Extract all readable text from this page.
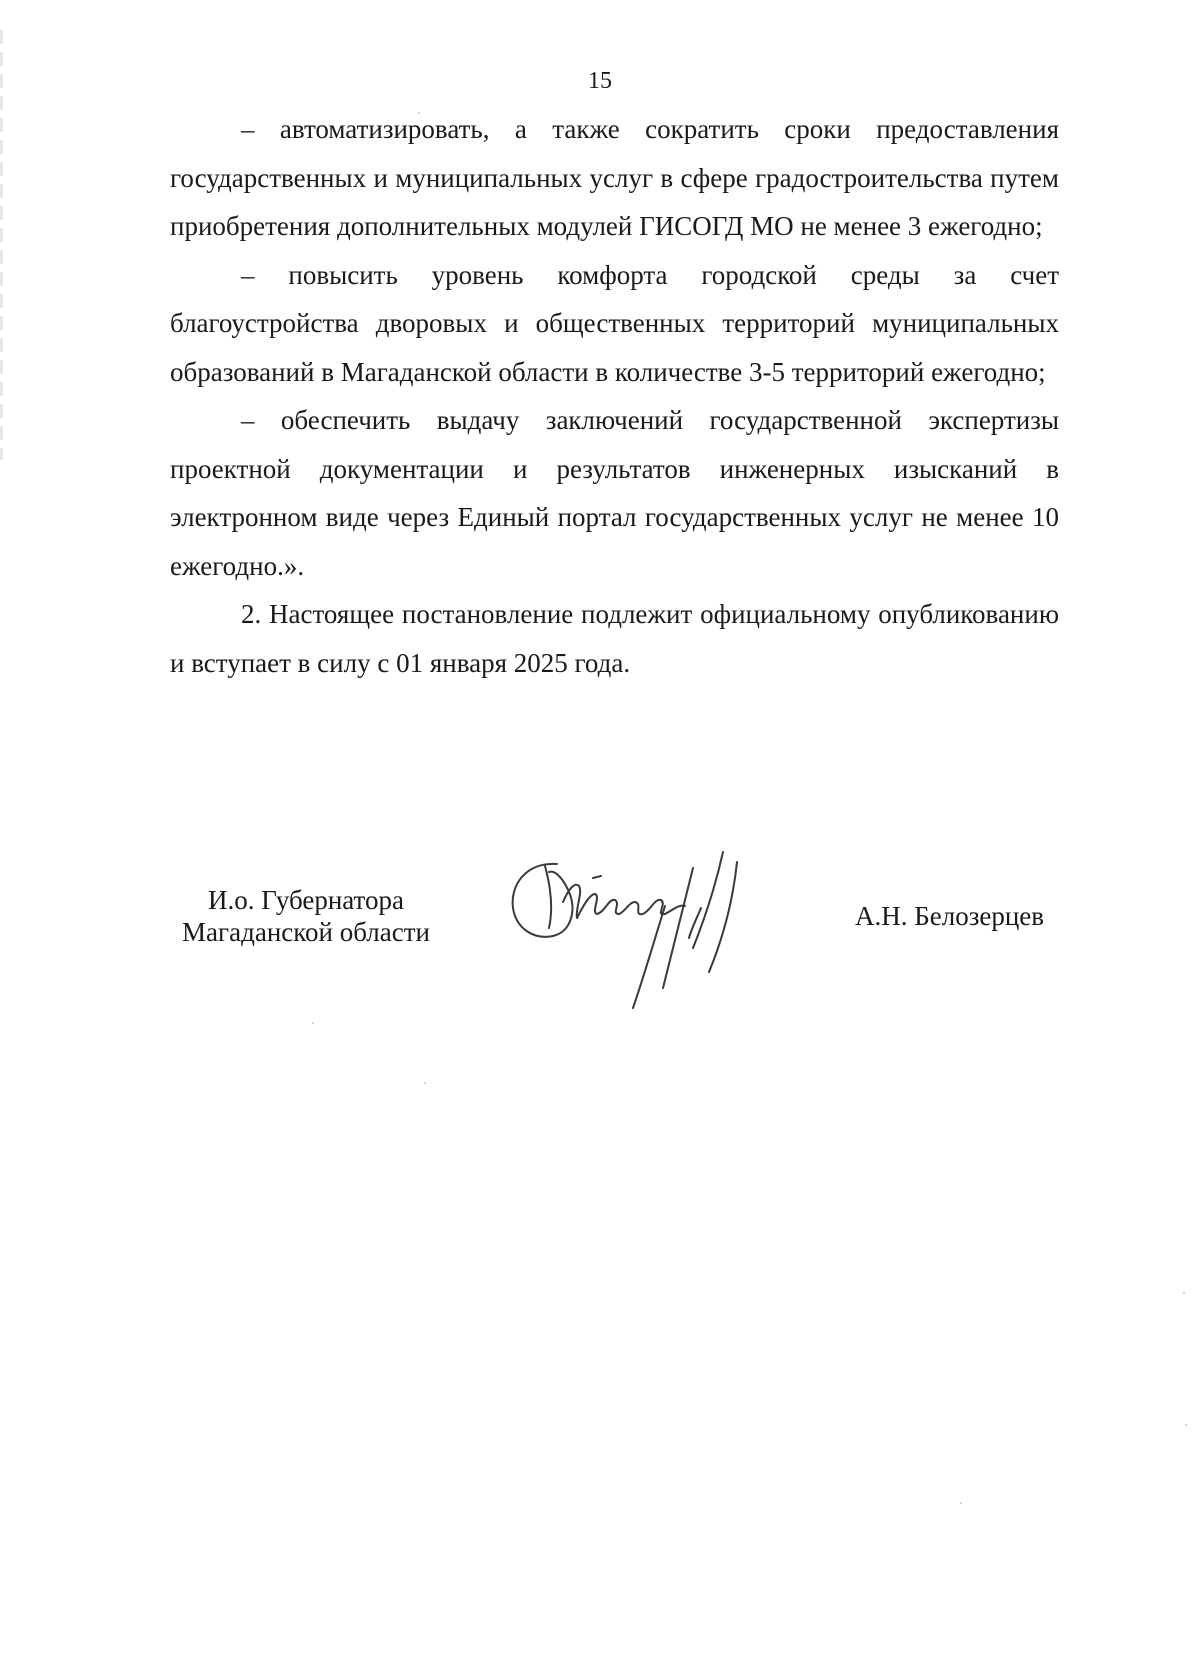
15

– автоматизировать, а также сократить сроки предоставления государственных и муниципальных услуг в сфере градостроительства путем приобретения дополнительных модулей ГИСОГД МО не менее 3 ежегодно;

– повысить уровень комфорта городской среды за счет благоустройства дворовых и общественных территорий муниципальных образований в Магаданской области в количестве 3-5 территорий ежегодно;

– обеспечить выдачу заключений государственной экспертизы проектной документации и результатов инженерных изысканий в электронном виде через Единый портал государственных услуг не менее 10 ежегодно.».

2. Настоящее постановление подлежит официальному опубликованию и вступает в силу с 01 января 2025 года.

И.о. Губернатора
Магаданской области
А.Н. Белозерцев
